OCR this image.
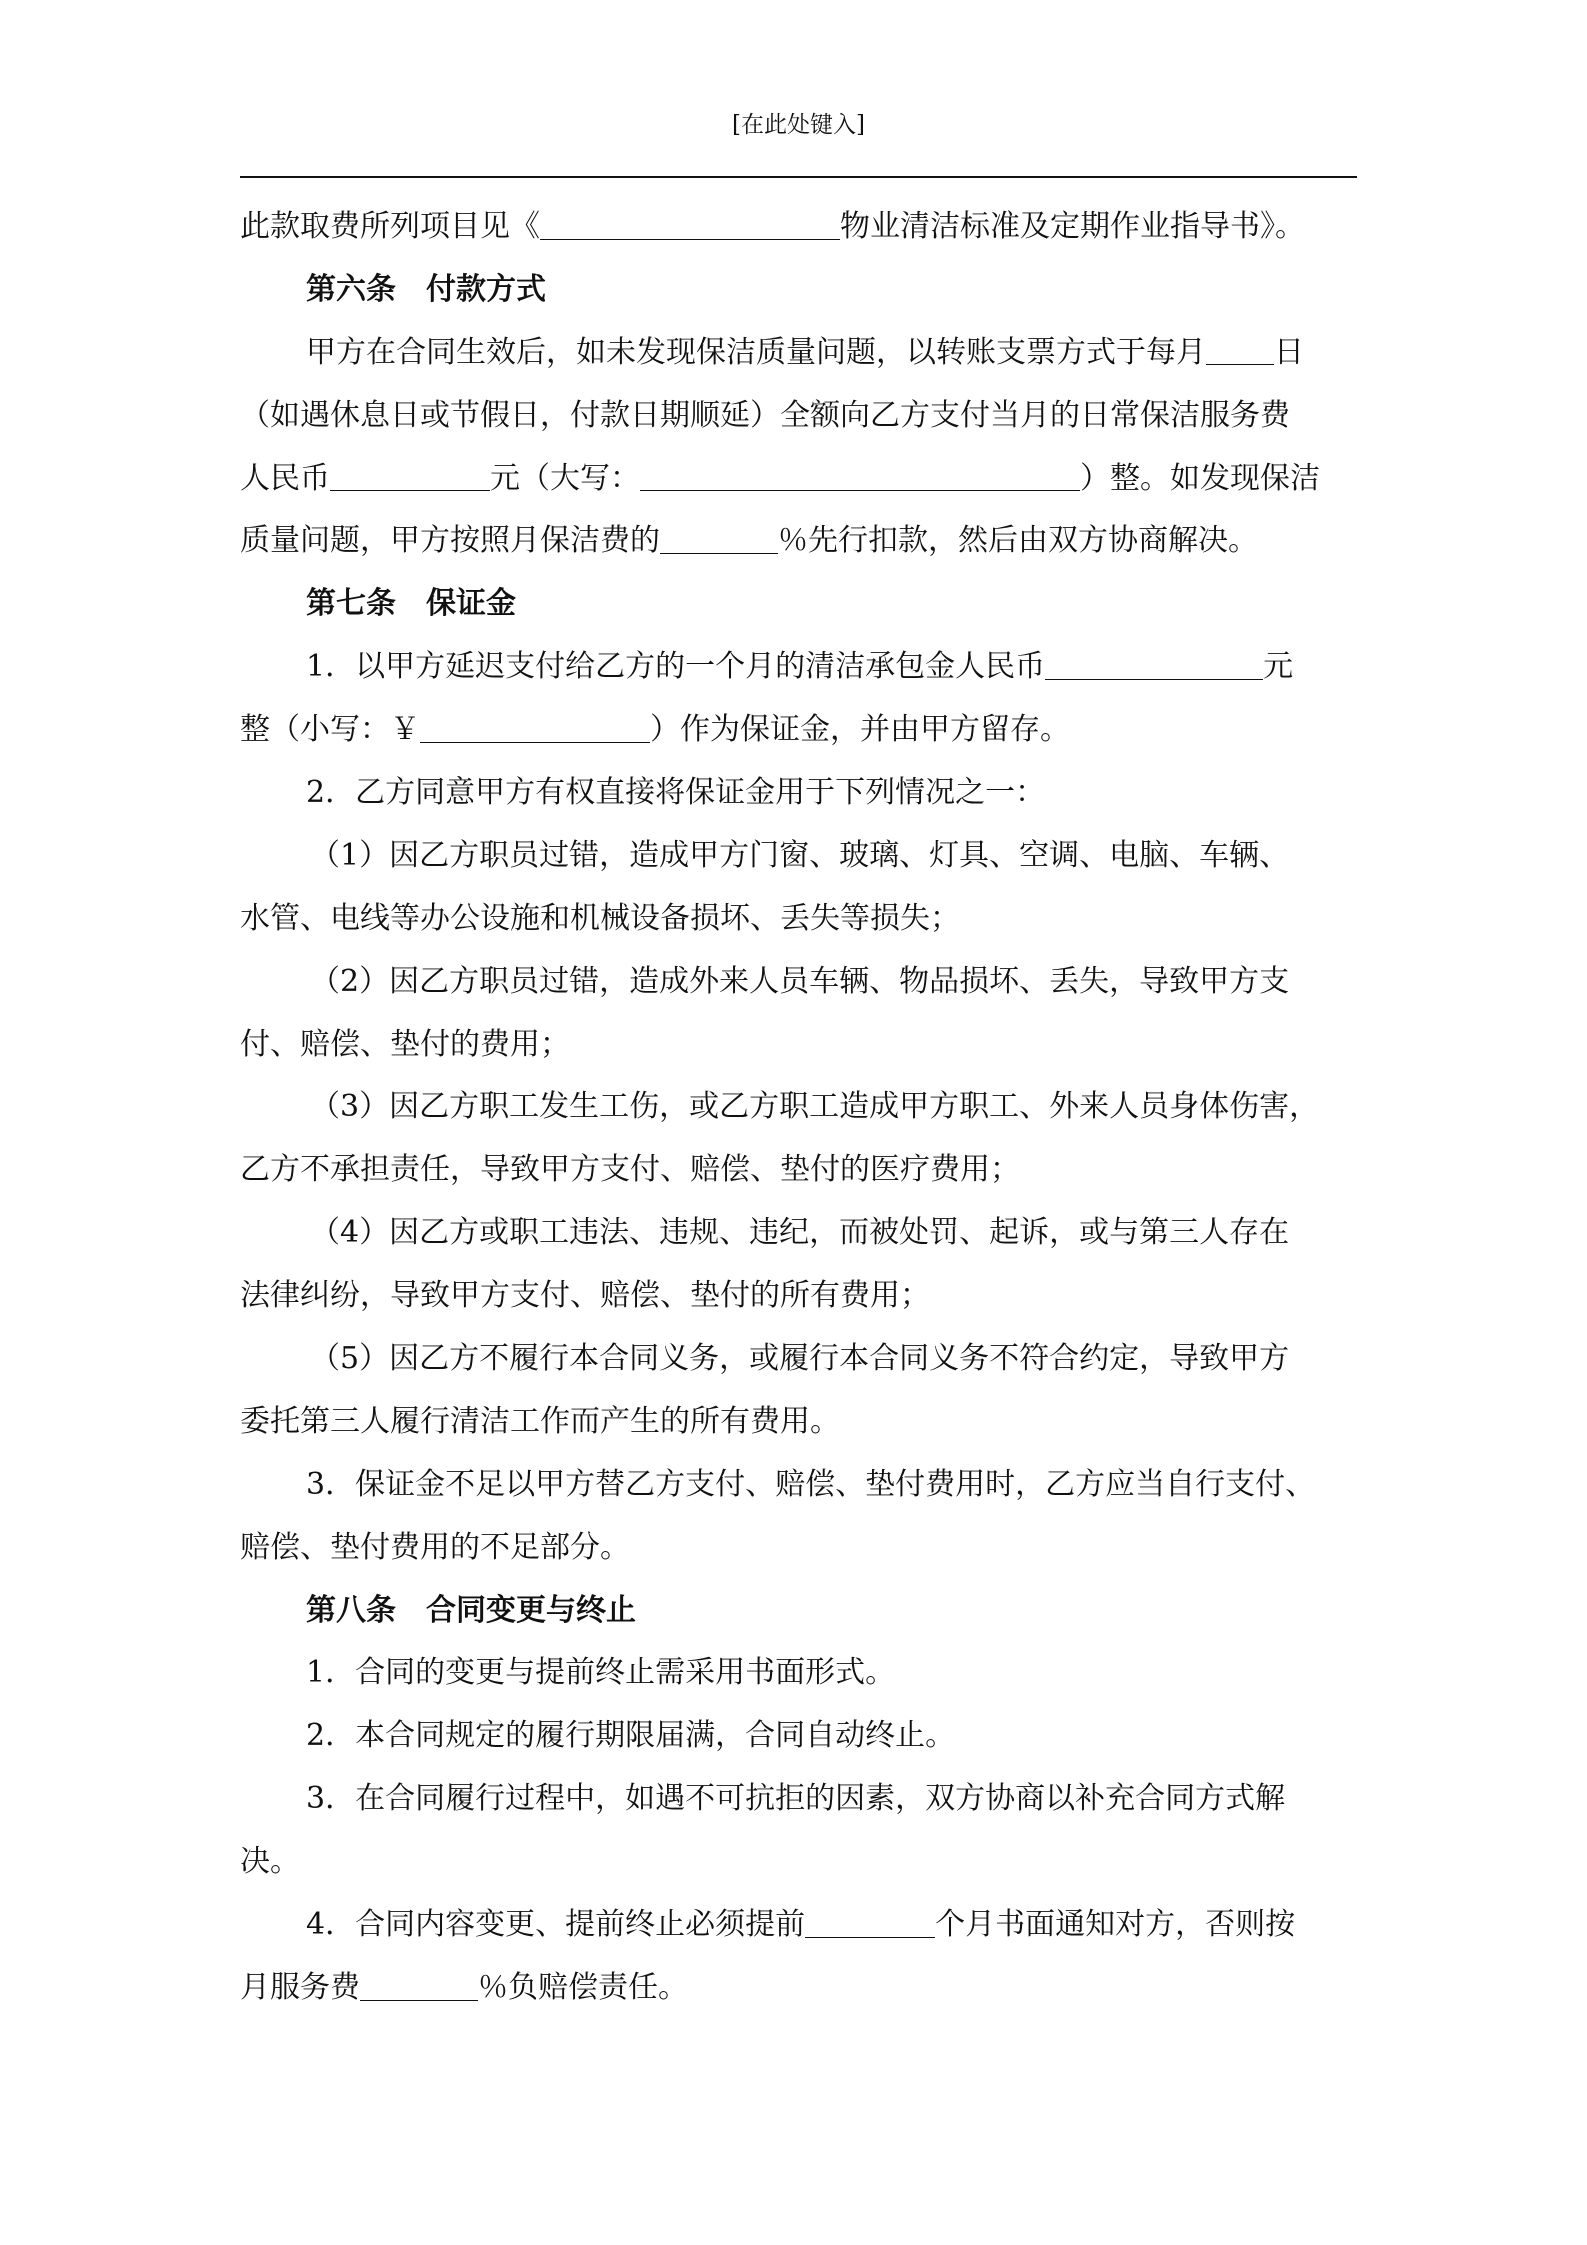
[在此处键入]
此款取费所列项目见《	物业清洁标准及定期作业指导书》。
第六条 付款方式
甲方在合同生效后，如未发现保洁质量问题，以转账支票方式于每月 日
（如遇休息日或节假日，付款日期顺延）全额向乙方支付当月的日常保洁服务费
人民币	元（大写：	）整。如发现保洁
质量问题，甲方按照月保洁费的	％先行扣款，然后由双方协商解决。
第七条 保证金
1．以甲方延迟支付给乙方的一个月的清洁承包金人民币	元
整（小写：￥	）作为保证金，并由甲方留存。
2．乙方同意甲方有权直接将保证金用于下列情况之一：
（1）因乙方职员过错，造成甲方门窗、玻璃、灯具、空调、电脑、车辆、
水管、电线等办公设施和机械设备损坏、丢失等损失；
（2）因乙方职员过错，造成外来人员车辆、物品损坏、丢失，导致甲方支
付、赔偿、垫付的费用；
（3）因乙方职工发生工伤，或乙方职工造成甲方职工、外来人员身体伤害，
乙方不承担责任，导致甲方支付、赔偿、垫付的医疗费用；
（4）因乙方或职工违法、违规、违纪，而被处罚、起诉，或与第三人存在
法律纠纷，导致甲方支付、赔偿、垫付的所有费用；
（5）因乙方不履行本合同义务，或履行本合同义务不符合约定，导致甲方
委托第三人履行清洁工作而产生的所有费用。
3．保证金不足以甲方替乙方支付、赔偿、垫付费用时，乙方应当自行支付、
赔偿、垫付费用的不足部分。
第八条 合同变更与终止
1．合同的变更与提前终止需采用书面形式。
2．本合同规定的履行期限届满，合同自动终止。
3．在合同履行过程中，如遇不可抗拒的因素，双方协商以补充合同方式解
决。
4．合同内容变更、提前终止必须提前	个月书面通知对方，否则按
月服务费	％负赔偿责任。
